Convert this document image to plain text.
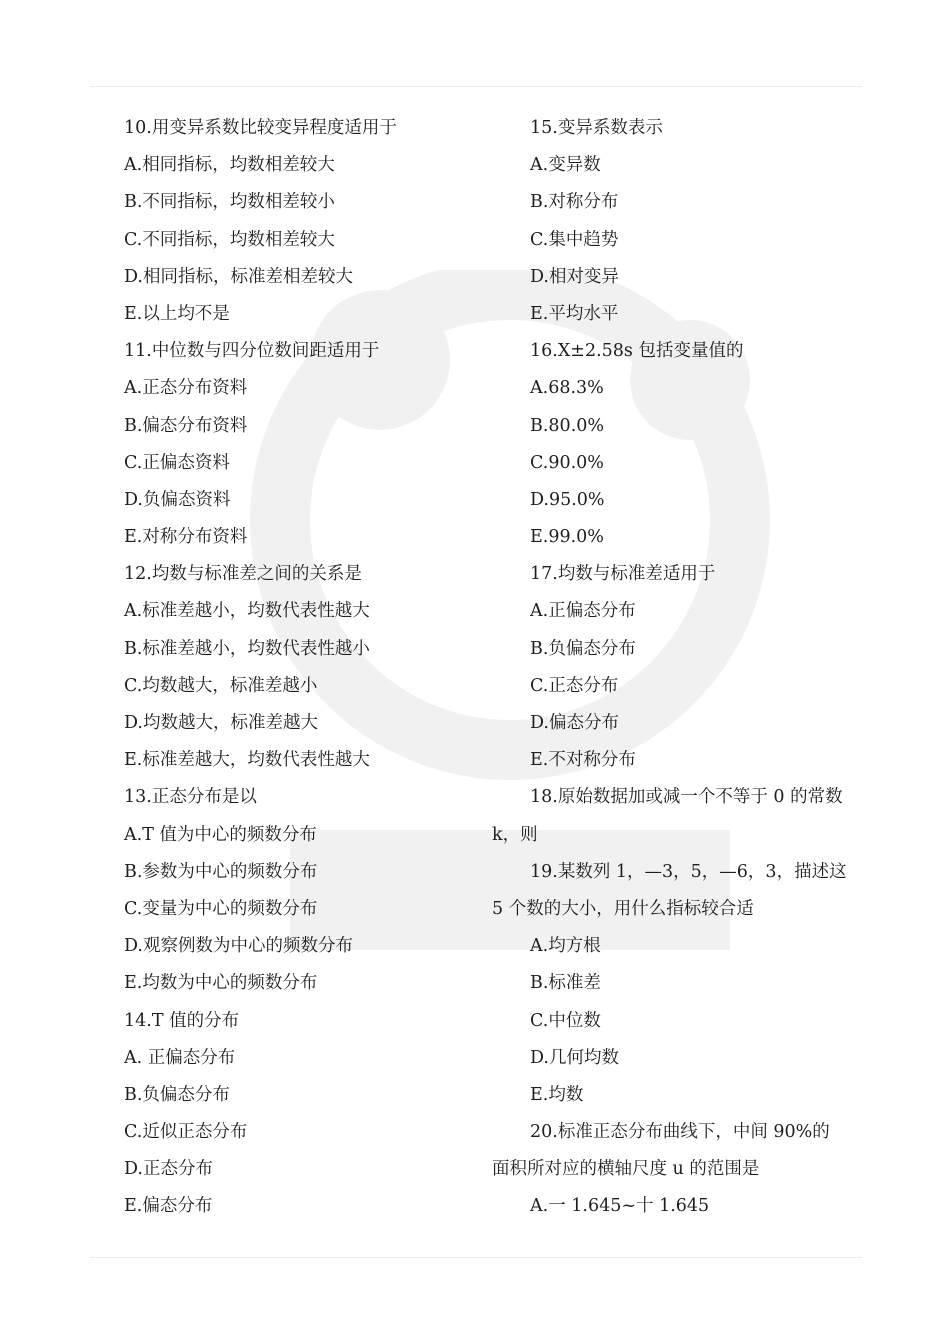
10.用变异系数比较变异程度适用于
A.相同指标，均数相差较大
B.不同指标，均数相差较小
C.不同指标，均数相差较大
D.相同指标，标准差相差较大
E.以上均不是
11.中位数与四分位数间距适用于
A.正态分布资料
B.偏态分布资料
C.正偏态资料
D.负偏态资料
E.对称分布资料
12.均数与标准差之间的关系是
A.标准差越小，均数代表性越大
B.标准差越小，均数代表性越小
C.均数越大，标准差越小
D.均数越大，标准差越大
E.标准差越大，均数代表性越大
13.正态分布是以
A.T 值为中心的频数分布
B.参数为中心的频数分布
C.变量为中心的频数分布
D.观察例数为中心的频数分布
E.均数为中心的频数分布
14.T 值的分布
A. 正偏态分布
B.负偏态分布
C.近似正态分布
D.正态分布
E.偏态分布
15.变异系数表示
A.变异数
B.对称分布
C.集中趋势
D.相对变异
E.平均水平
16.X±2.58s 包括变量值的
A.68.3%
B.80.0%
C.90.0%
D.95.0%
E.99.0%
17.均数与标准差适用于
A.正偏态分布
B.负偏态分布
C.正态分布
D.偏态分布
E.不对称分布
18.原始数据加或减一个不等于 0 的常数
k，则
19.某数列 1，—3，5，—6，3，描述这
5 个数的大小，用什么指标较合适
A.均方根
B.标准差
C.中位数
D.几何均数
E.均数
20.标准正态分布曲线下，中间 90%的
面积所对应的横轴尺度 u 的范围是
A.一 1.645~十 1.645
